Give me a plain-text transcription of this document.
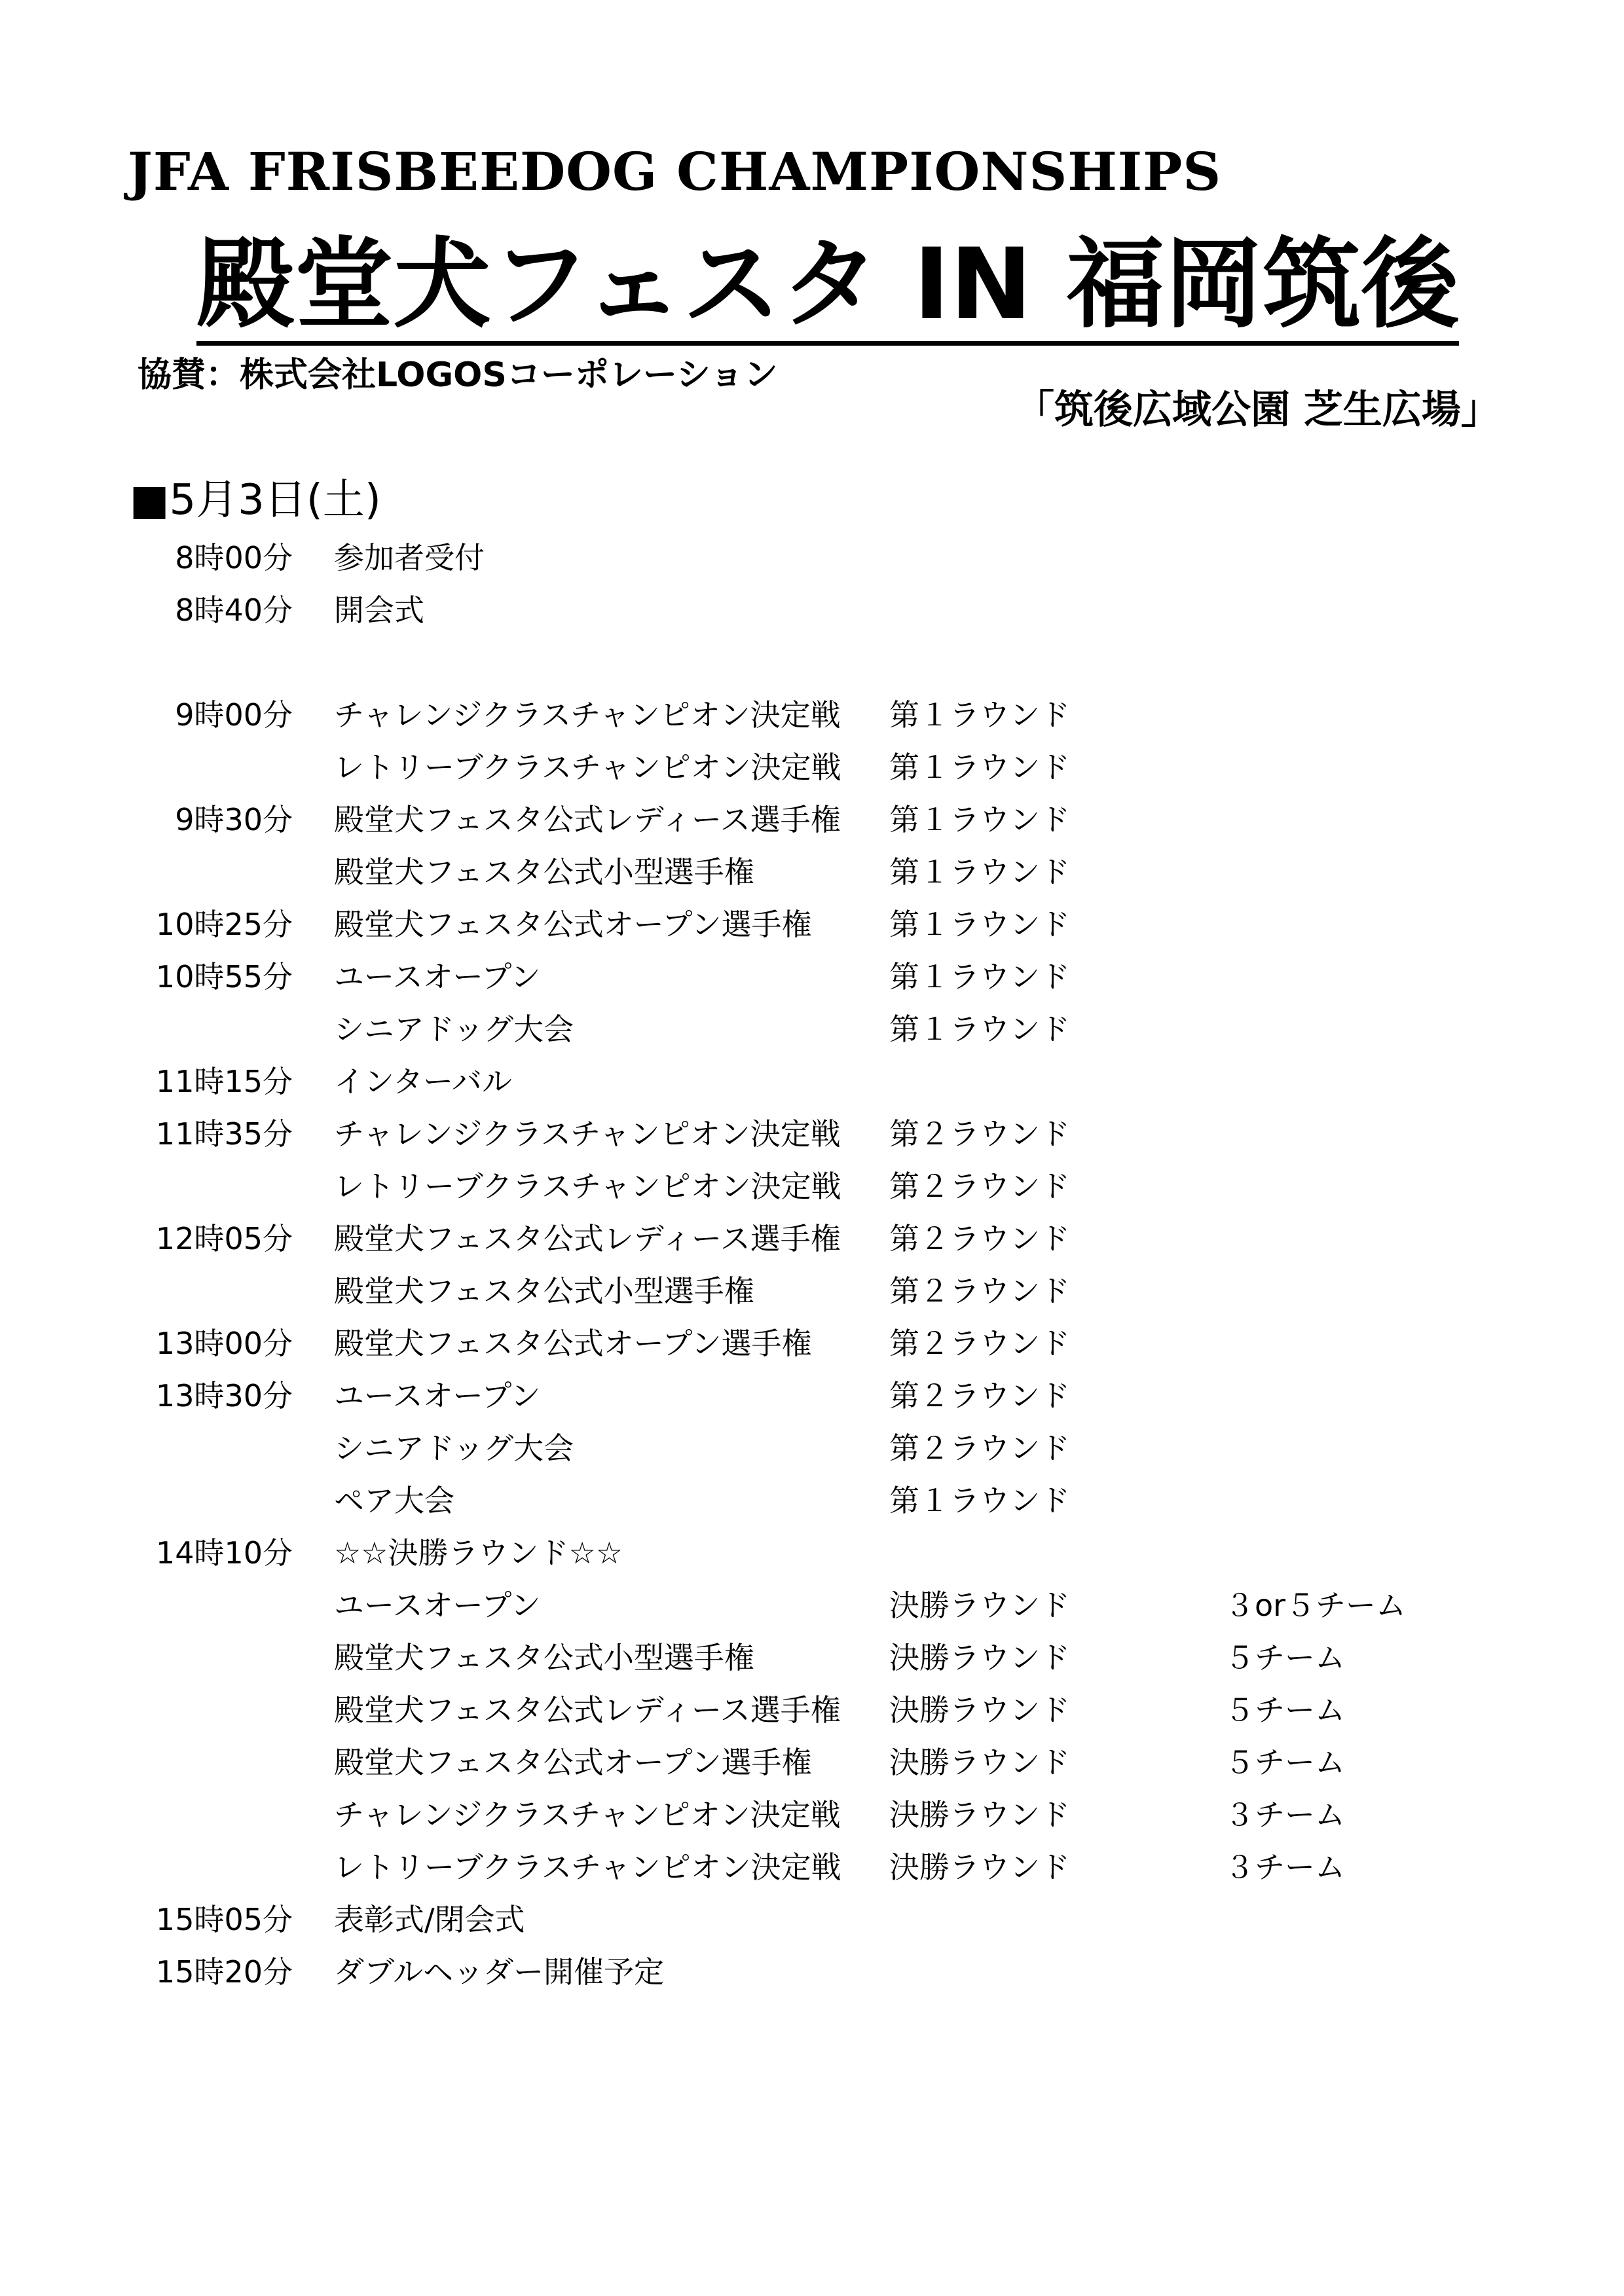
JFA FRISBEEDOG CHAMPIONSHIPS
殿堂犬フェスタ IN 福岡筑後
協賛：株式会社LOGOSコーポレーション
「筑後広域公園 芝生広場」
■5月3日(土)
8時00分 参加者受付
8時40分 開会式
9時00分 チャレンジクラスチャンピオン決定戦 第１ラウンド
レトリーブクラスチャンピオン決定戦 第１ラウンド
9時30分 殿堂犬フェスタ公式レディース選手権 第１ラウンド
殿堂犬フェスタ公式小型選手権	第１ラウンド
10時25分 殿堂犬フェスタ公式オープン選手権	第１ラウンド
10時55分 ユースオープン	第１ラウンド
シニアドッグ大会	第１ラウンド
11時15分 インターバル
11時35分 チャレンジクラスチャンピオン決定戦 第２ラウンド
レトリーブクラスチャンピオン決定戦 第２ラウンド
12時05分 殿堂犬フェスタ公式レディース選手権 第２ラウンド
殿堂犬フェスタ公式小型選手権	第２ラウンド
13時00分 殿堂犬フェスタ公式オープン選手権	第２ラウンド
13時30分 ユースオープン	第２ラウンド
シニアドッグ大会	第２ラウンド
ペア大会	第１ラウンド
14時10分 ☆☆決勝ラウンド☆☆
ユースオープン	決勝ラウンド	３or５チーム
殿堂犬フェスタ公式小型選手権	決勝ラウンド	５チーム
殿堂犬フェスタ公式レディース選手権 決勝ラウンド	５チーム
殿堂犬フェスタ公式オープン選手権	決勝ラウンド	５チーム
チャレンジクラスチャンピオン決定戦 決勝ラウンド	３チーム
レトリーブクラスチャンピオン決定戦 決勝ラウンド	３チーム
15時05分 表彰式/閉会式
15時20分 ダブルヘッダー開催予定
